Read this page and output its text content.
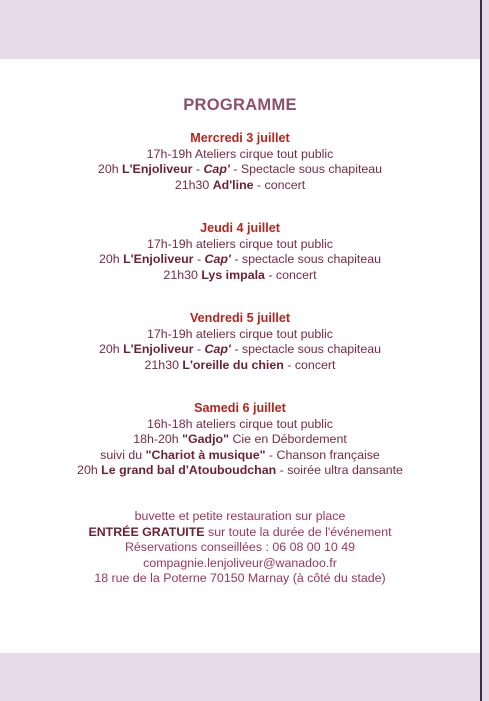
PROGRAMME
Mercredi 3 juillet
17h-19h Ateliers cirque tout public
20h L'Enjoliveur - Cap' - Spectacle sous chapiteau
21h30 Ad'line - concert
Jeudi 4 juillet
17h-19h ateliers cirque tout public
20h L'Enjoliveur - Cap' - spectacle sous chapiteau
21h30 Lys impala - concert
Vendredi 5 juillet
17h-19h ateliers cirque tout public
20h L'Enjoliveur - Cap' - spectacle sous chapiteau
21h30 L'oreille du chien - concert
Samedi 6 juillet
16h-18h ateliers cirque tout public
18h-20h "Gadjo" Cie en Débordement
suivi du "Chariot à musique" - Chanson française
20h Le grand bal d'Atouboudchan - soirée ultra dansante
buvette et petite restauration sur place
ENTRÉE GRATUITE sur toute la durée de l'événement
Réservations conseillées : 06 08 00 10 49
compagnie.lenjoliveur@wanadoo.fr
18 rue de la Poterne 70150 Marnay (à côté du stade)
